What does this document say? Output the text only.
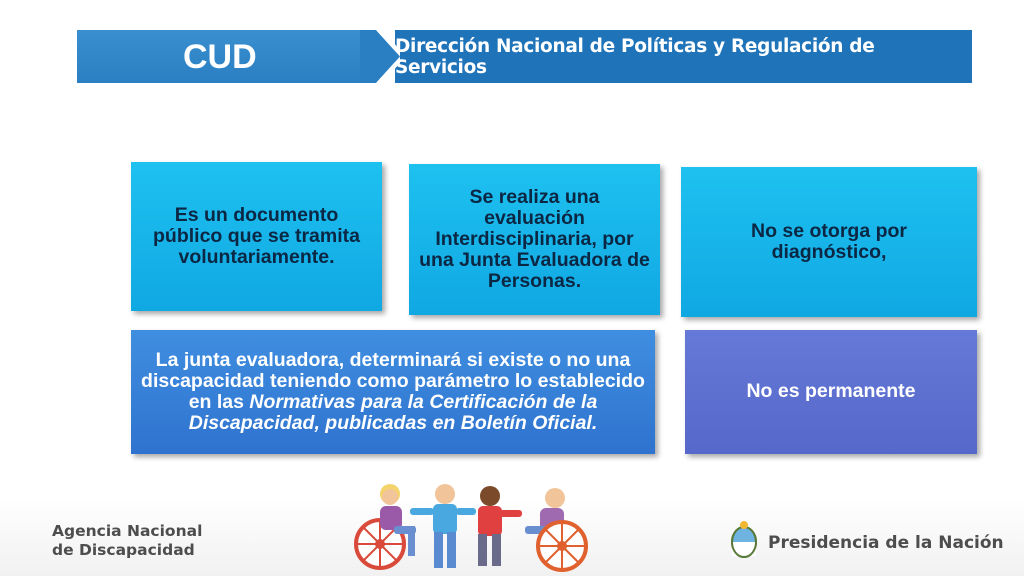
CUD	Dirección Nacional de Políticas y Regulación de Servicios
Es un documento público que se tramita voluntariamente.
Se realiza una evaluación Interdisciplinaria, por una Junta Evaluadora de Personas.
No se otorga por diagnóstico,
La junta evaluadora, determinará si existe o no una discapacidad teniendo como parámetro lo establecido en las Normativas para la Certificación de la Discapacidad, publicadas en Boletín Oficial.
No es permanente
Agencia Nacional
de Discapacidad	Presidencia de la Nación
